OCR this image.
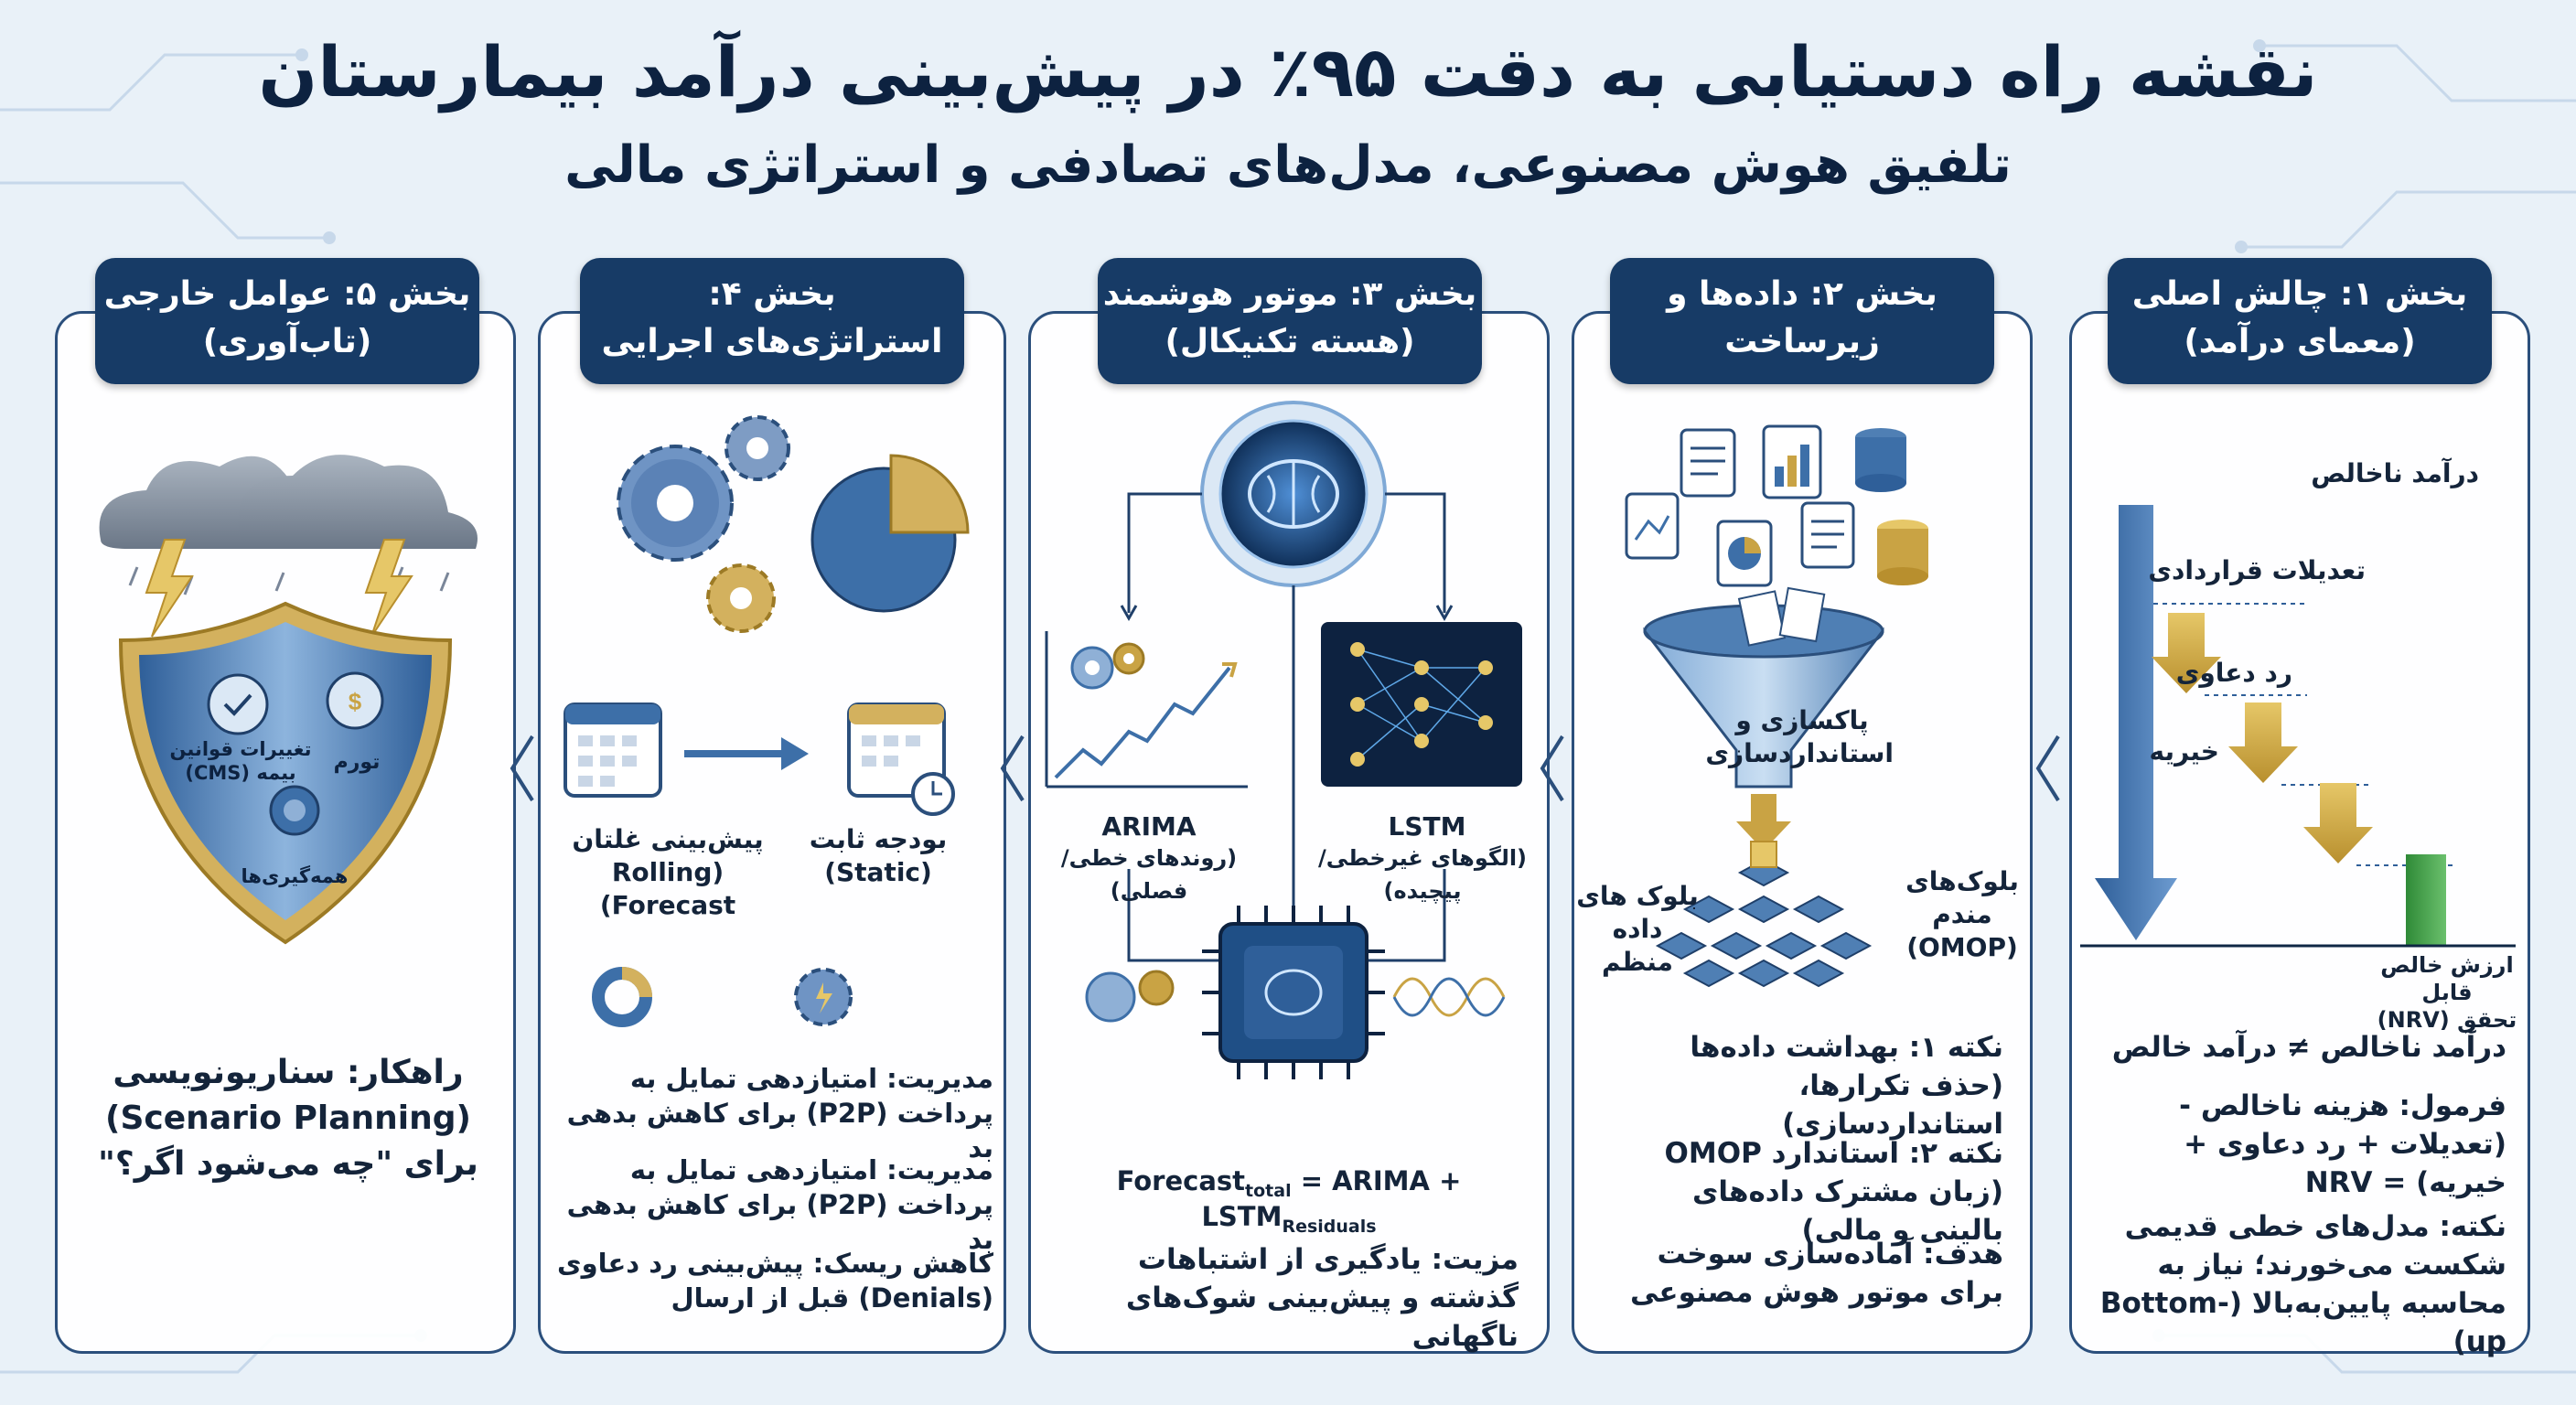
نقشه راه دستیابی به دقت ۹۵٪ در پیش‌بینی درآمد بیمارستان
تلفیق هوش مصنوعی، مدل‌های تصادفی و استراتژی مالی
بخش ۱: چالش اصلی
(معمای درآمد)
بخش ۲: داده‌ها و
زیرساخت
بخش ۳: موتور هوشمند
(هسته تکنیکال)
بخش ۴:
استراتژی‌های اجرایی
بخش ۵: عوامل خارجی
(تاب‌آوری)
درآمد ناخالص
تعدیلات قراردادی
رد دعاوی
خیریه
ارزش خالص قابل
تحقق (NRV)
درآمد ناخالص ≠ درآمد خالص
فرمول: هزینه ناخالص - (تعدیلات + رد دعاوی + خیریه) = NRV
نکته: مدل‌های خطی قدیمی شکست می‌خورند؛ نیاز به محاسبه پایین‌به‌بالا (Bottom-up)
پاکسازی و
استانداردسازی
بلوک‌های
مندم
(OMOP)
بلوک های
داده منظم
نکته ۱: بهداشت داده‌ها (حذف تکرارها، استانداردسازی)
نکته ۲: استاندارد OMOP (زبان مشترک داده‌های بالینی و مالی)
هدف: آماده‌سازی سوخت برای موتور هوش مصنوعی
ARIMA
(روندهای خطی/فصلی)
LSTM
(الگوهای غیرخطی/پیچیده)
Forecast$_{total}$ = ARIMA + $LSTM_{Residuals}$
مزیت: یادگیری از اشتباهات گذشته و پیش‌بینی شوک‌های ناگهانی
بودجه ثابت
(Static)
پیش‌بینی غلتان
(Rolling Forecast)
مدیریت: امتیازدهی تمایل به پرداخت (P2P) برای کاهش بدهی بد
مدیریت: امتیازدهی تمایل به پرداخت (P2P) برای کاهش بدهی بد
کاهش ریسک: پیش‌بینی رد دعاوی (Denials) قبل از ارسال
$
تغییرات قوانین
بیمه (CMS)	تورم
همه‌گیری‌ها
راهکار: سناریونویسی (Scenario Planning) برای "چه می‌شود اگر؟"
